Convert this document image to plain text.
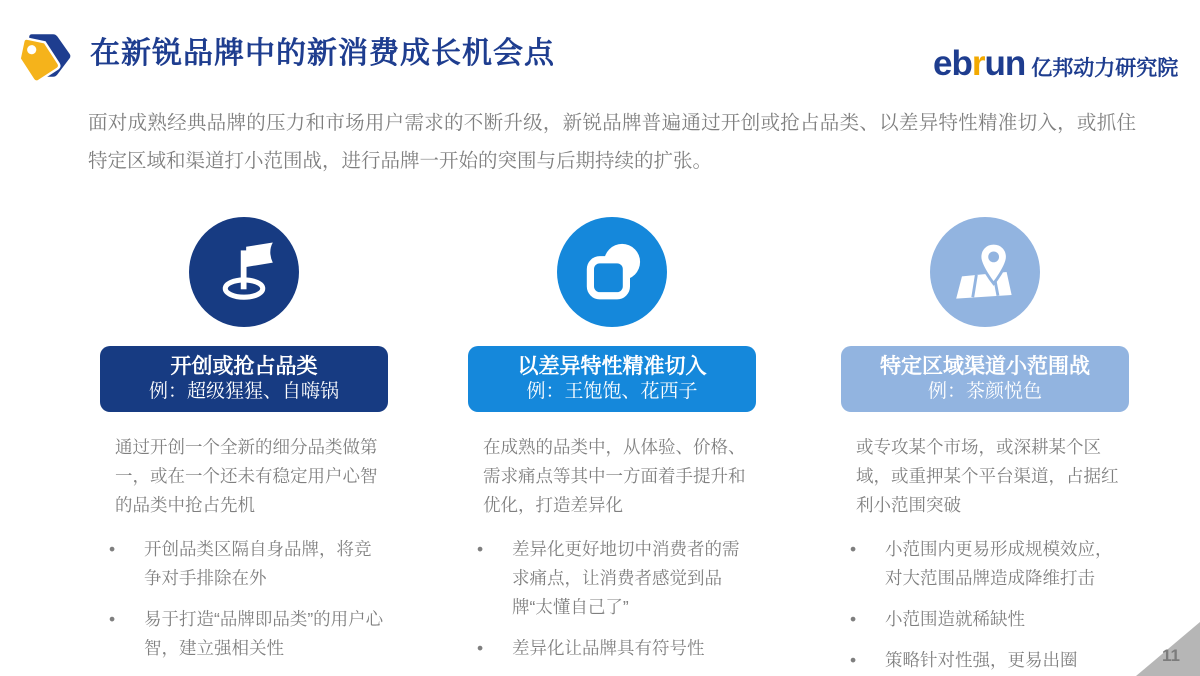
在新锐品牌中的新消费成长机会点	ebrun 亿邦动力研究院
面对成熟经典品牌的压力和市场用户需求的不断升级，新锐品牌普遍通过开创或抢占品类、以差异特性精准切入，或抓住特定区域和渠道打小范围战，进行品牌一开始的突围与后期持续的扩张。
开创或抢占品类
例：超级猩猩、自嗨锅
通过开创一个全新的细分品类做第一，或在一个还未有稳定用户心智的品类中抢占先机
• 开创品类区隔自身品牌，将竞争对手排除在外
• 易于打造“品牌即品类”的用户心智，建立强相关性
以差异特性精准切入
例：王饱饱、花西子
在成熟的品类中，从体验、价格、需求痛点等其中一方面着手提升和优化，打造差异化
• 差异化更好地切中消费者的需求痛点，让消费者感觉到品牌“太懂自己了”
• 差异化让品牌具有符号性
特定区域渠道小范围战
例：茶颜悦色
或专攻某个市场，或深耕某个区域，或重押某个平台渠道，占据红利小范围突破
• 小范围内更易形成规模效应，对大范围品牌造成降维打击
• 小范围造就稀缺性
• 策略针对性强，更易出圈	11
